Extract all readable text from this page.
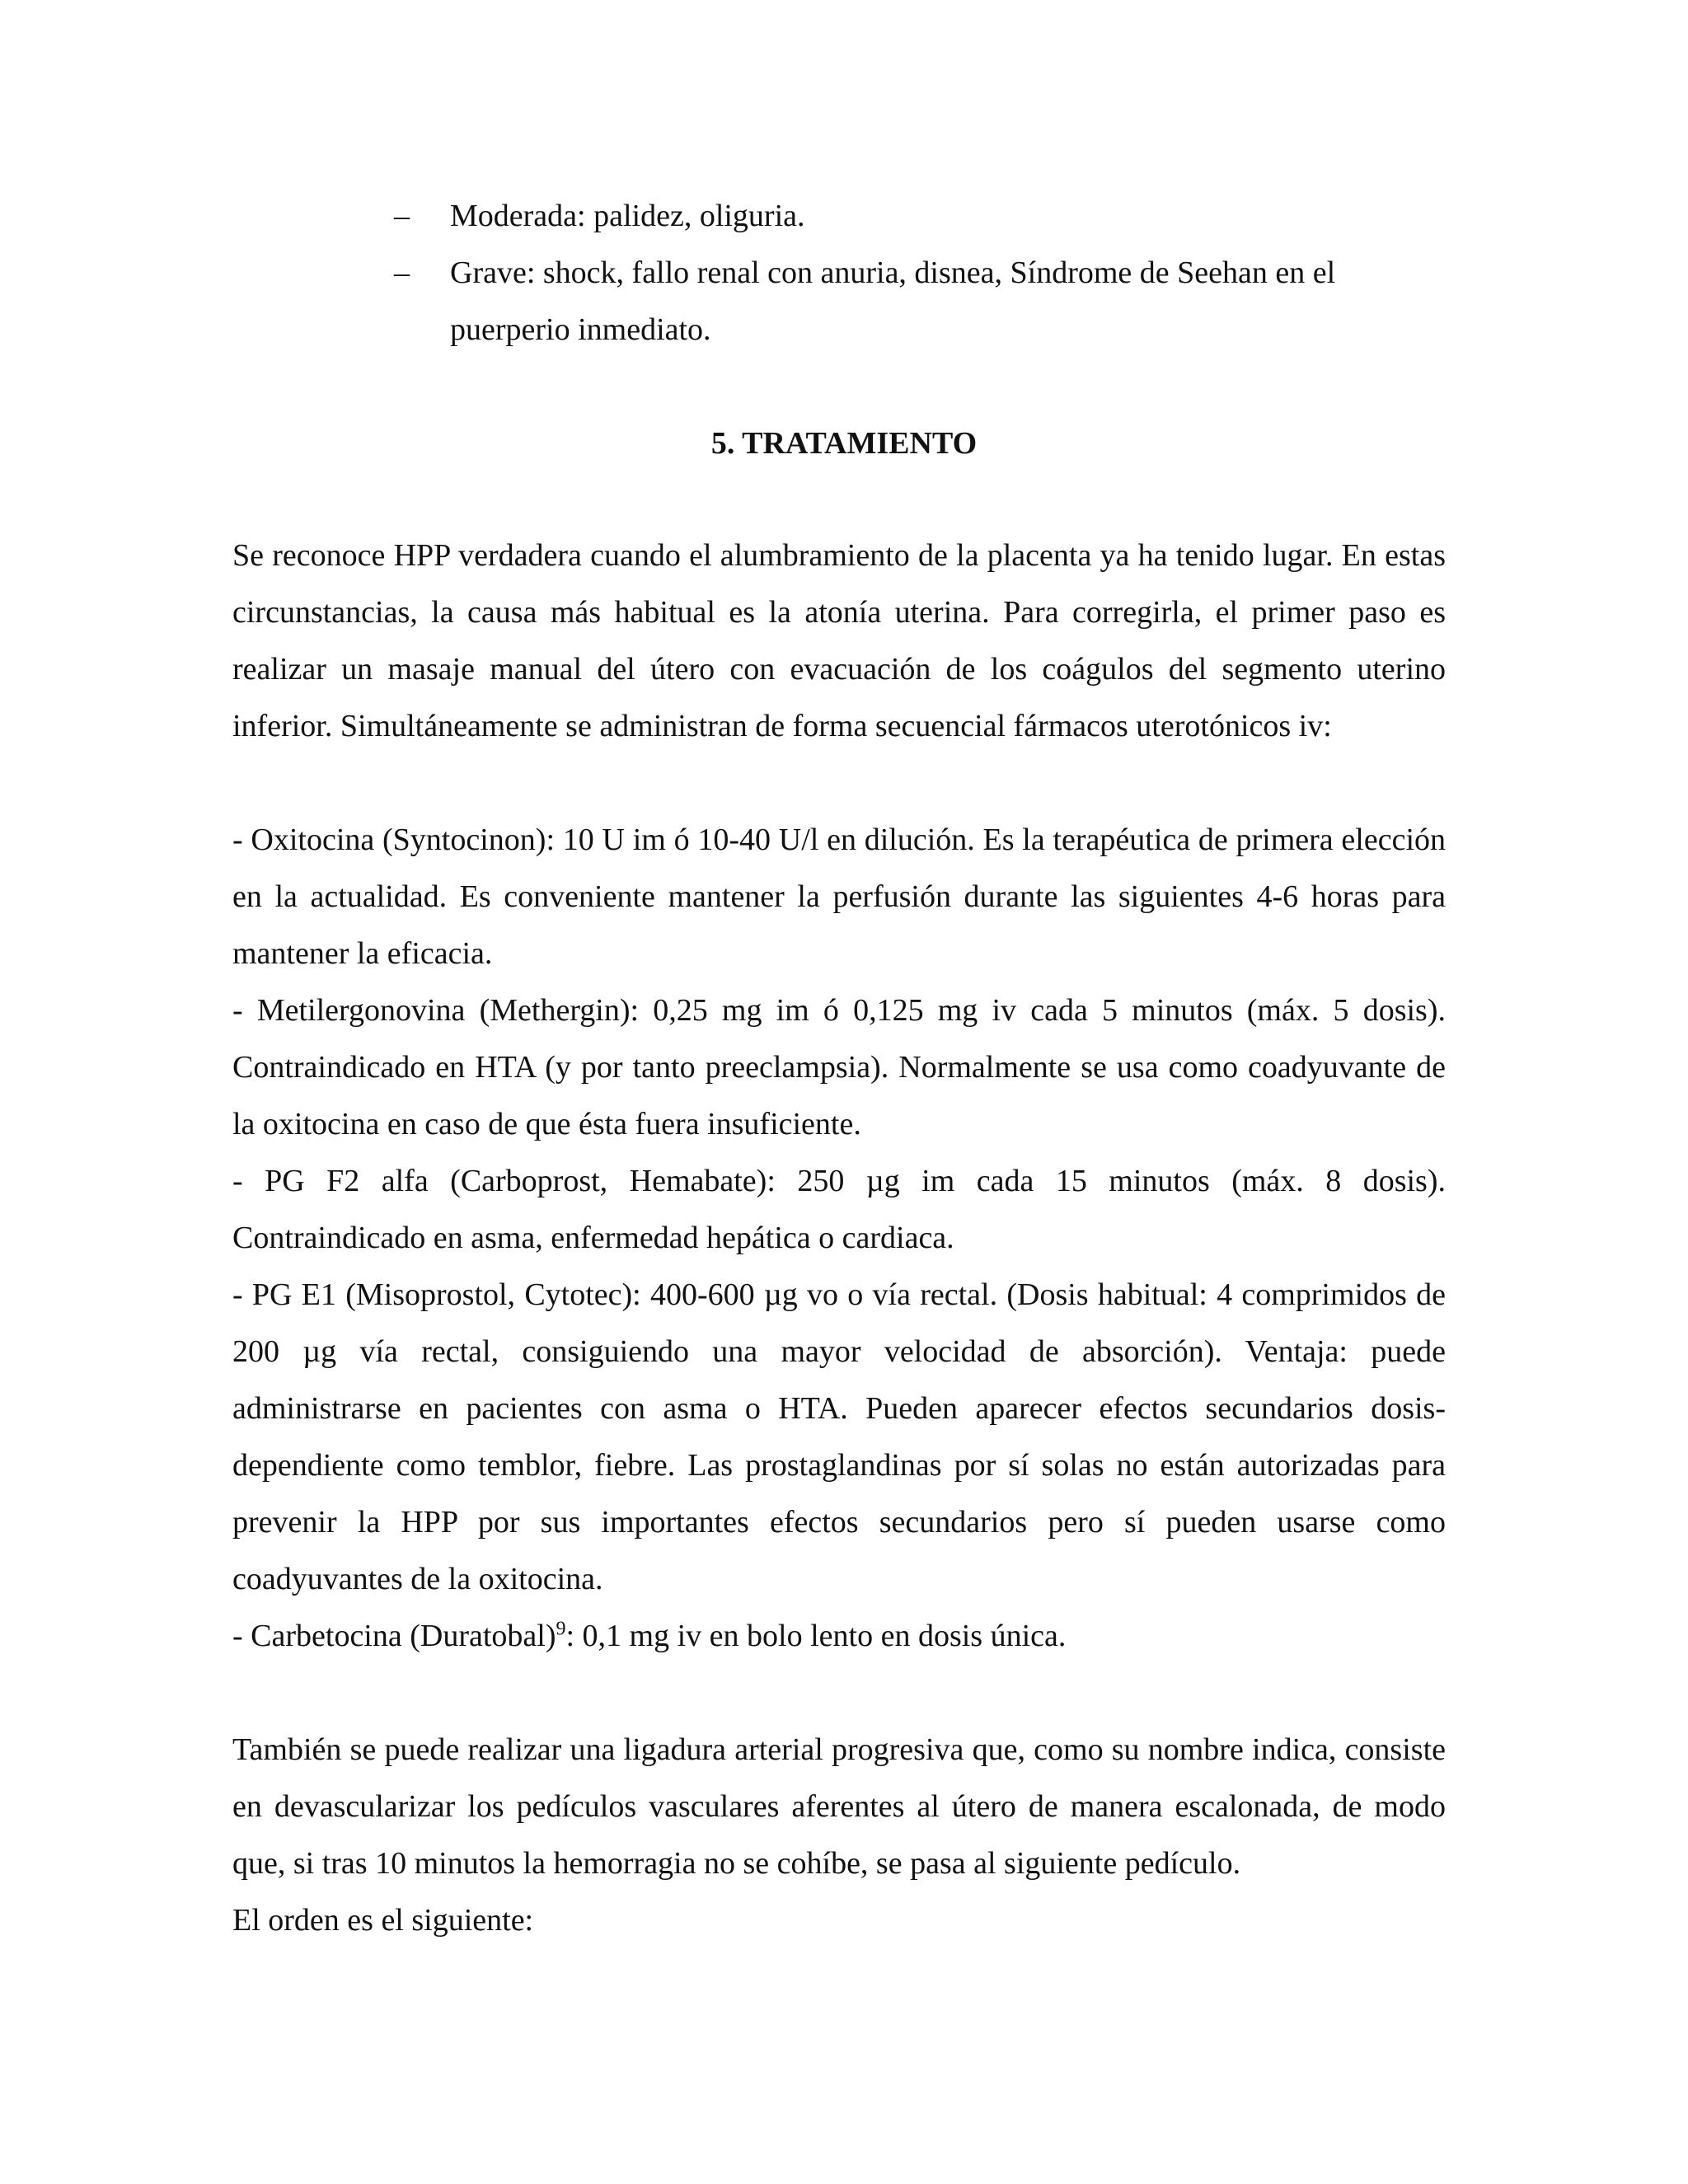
–	Moderada: palidez, oliguria.
–	Grave: shock, fallo renal con anuria, disnea, Síndrome de Seehan en el puerperio inmediato.
5. TRATAMIENTO

Se reconoce HPP verdadera cuando el alumbramiento de la placenta ya ha tenido lugar. En estas circunstancias, la causa más habitual es la atonía uterina. Para corregirla, el primer paso es realizar un masaje manual del útero con evacuación de los coágulos del segmento uterino inferior. Simultáneamente se administran de forma secuencial fármacos uterotónicos iv:

- Oxitocina (Syntocinon): 10 U im ó 10-40 U/l en dilución. Es la terapéutica de primera elección en la actualidad. Es conveniente mantener la perfusión durante las siguientes 4-6 horas para mantener la eficacia.

- Metilergonovina (Methergin): 0,25 mg im ó 0,125 mg iv cada 5 minutos (máx. 5 dosis). Contraindicado en HTA (y por tanto preeclampsia). Normalmente se usa como coadyuvante de la oxitocina en caso de que ésta fuera insuficiente.

- PG F2 alfa (Carboprost, Hemabate): 250 µg im cada 15 minutos (máx. 8 dosis). Contraindicado en asma, enfermedad hepática o cardiaca.

- PG E1 (Misoprostol, Cytotec): 400-600 µg vo o vía rectal. (Dosis habitual: 4 comprimidos de 200 µg vía rectal, consiguiendo una mayor velocidad de absorción). Ventaja: puede administrarse en pacientes con asma o HTA. Pueden aparecer efectos secundarios dosis-dependiente como temblor, fiebre. Las prostaglandinas por sí solas no están autorizadas para prevenir la HPP por sus importantes efectos secundarios pero sí pueden usarse como coadyuvantes de la oxitocina.

- Carbetocina (Duratobal)$^9$: 0,1 mg iv en bolo lento en dosis única.

También se puede realizar una ligadura arterial progresiva que, como su nombre indica, consiste en devascularizar los pedículos vasculares aferentes al útero de manera escalonada, de modo que, si tras 10 minutos la hemorragia no se cohíbe, se pasa al siguiente pedículo.

El orden es el siguiente:
